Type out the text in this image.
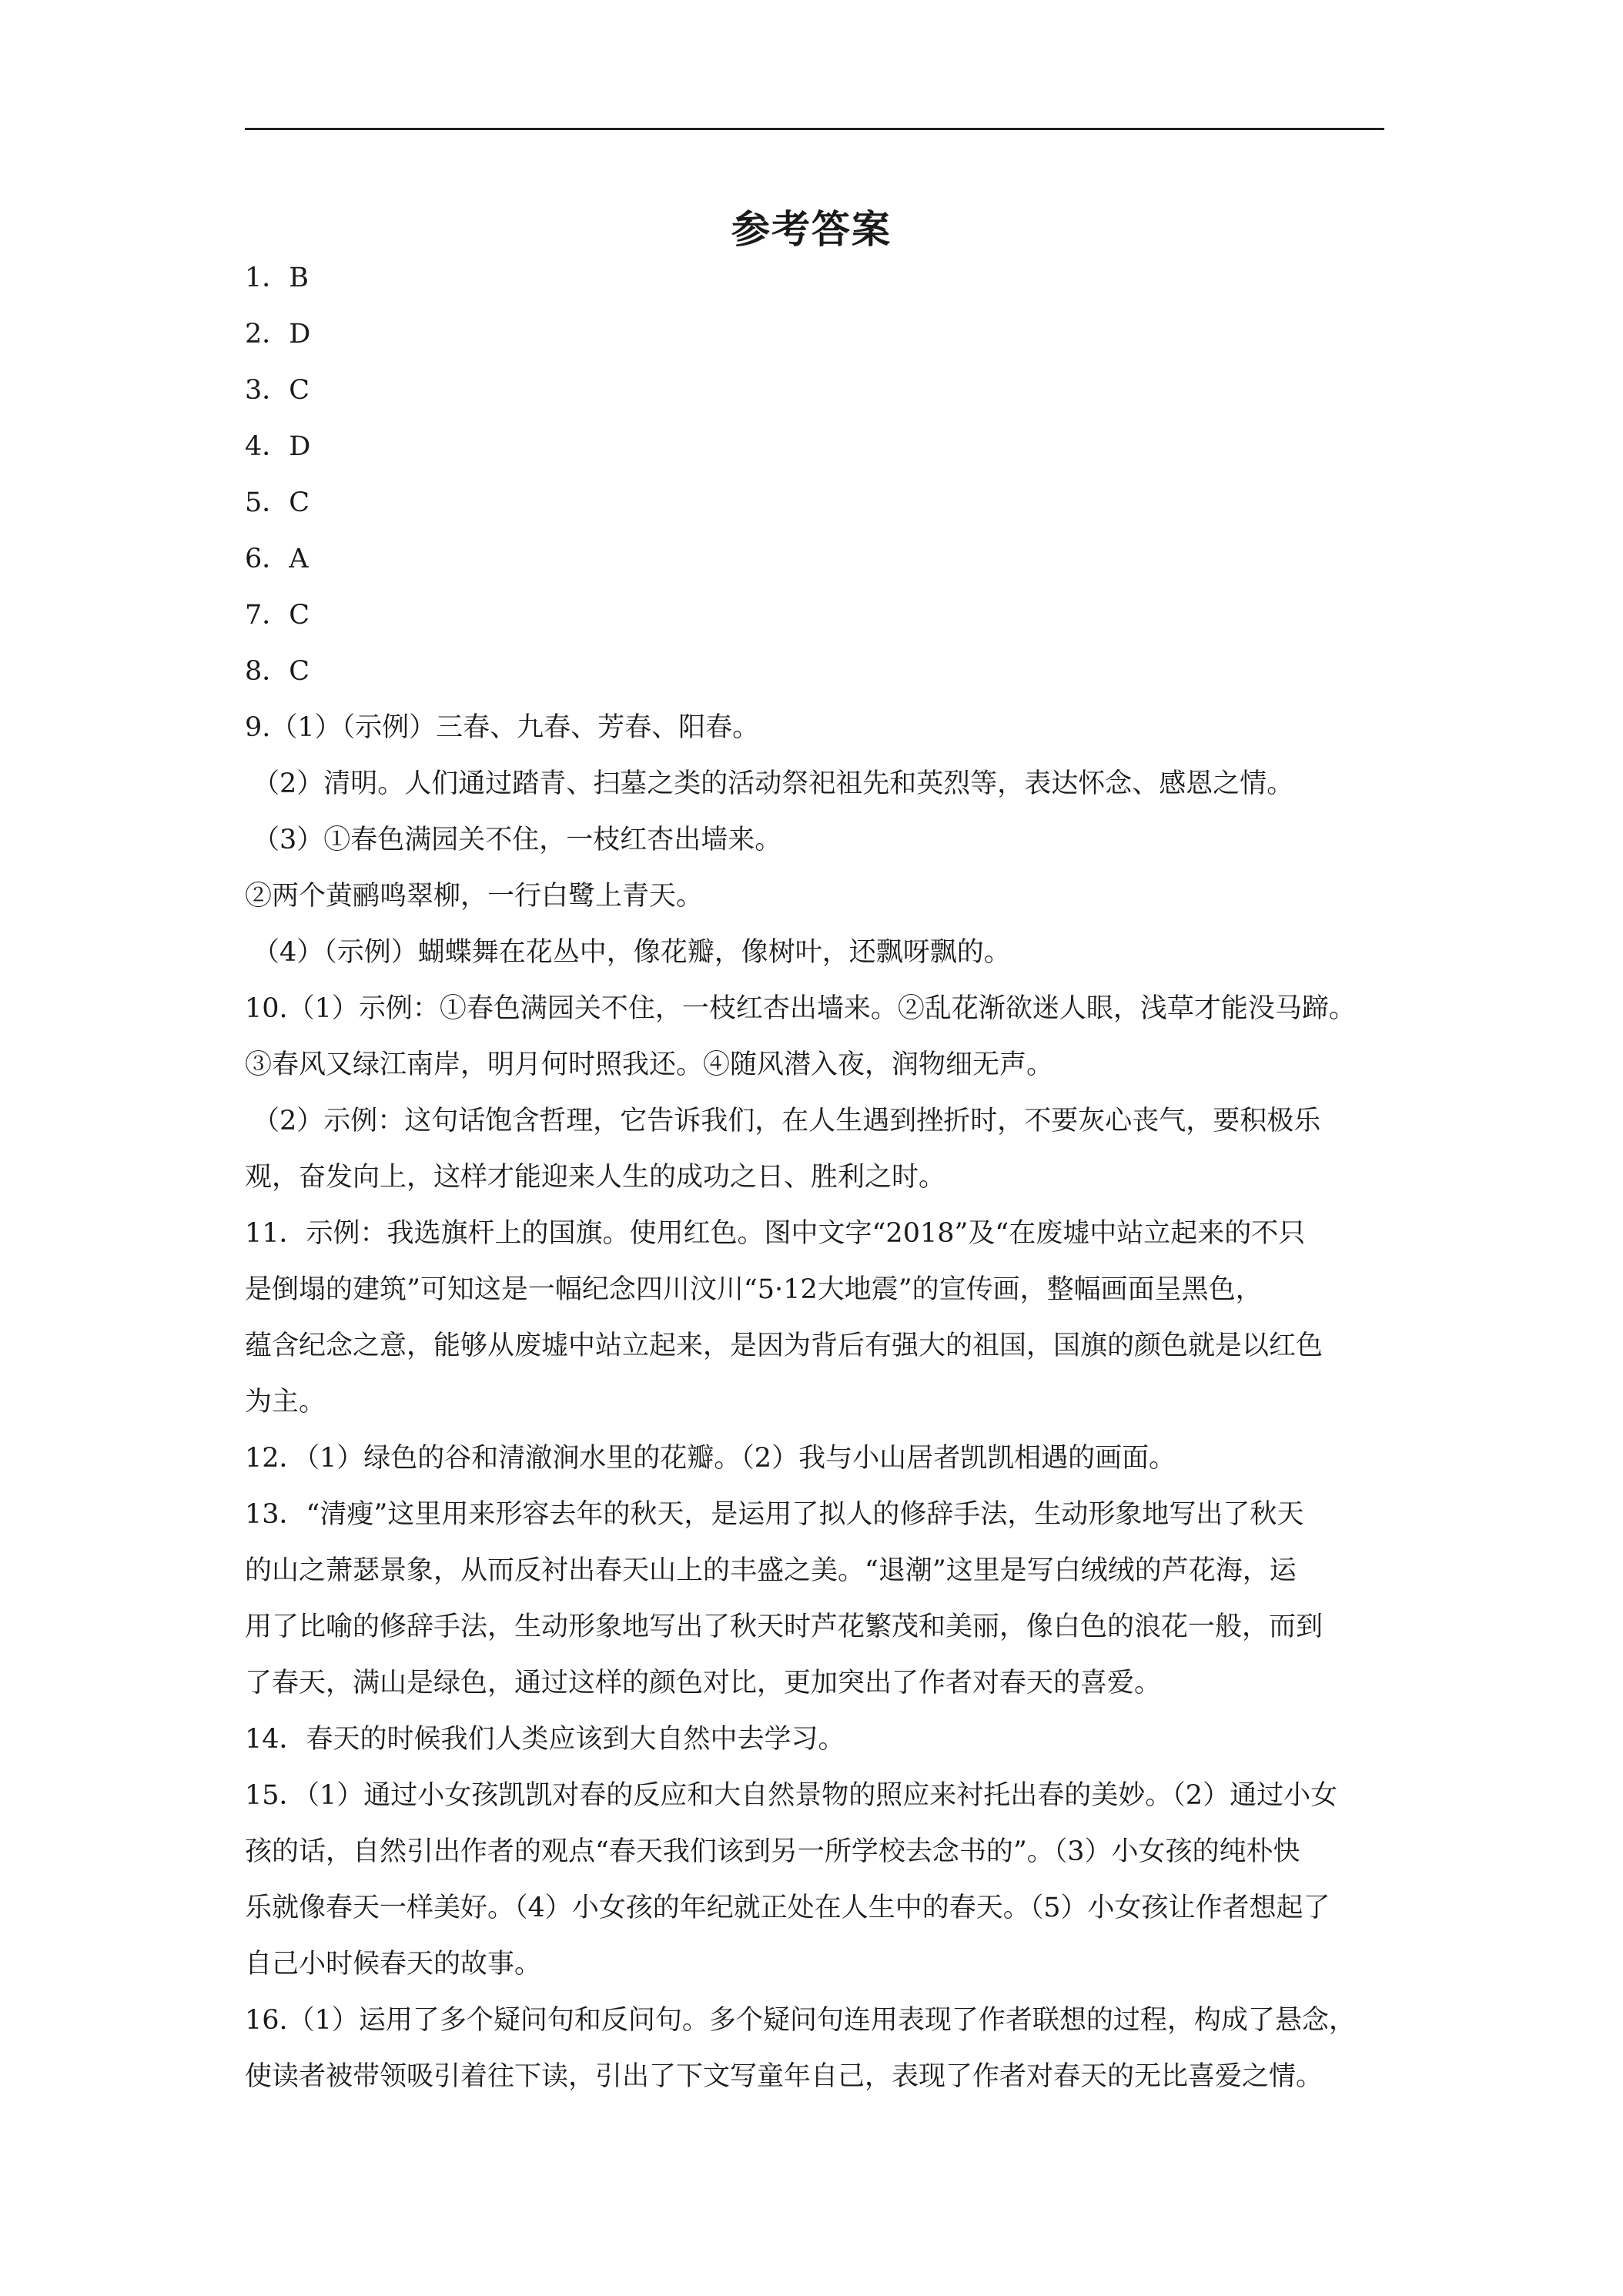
参考答案
1．B
2．D
3．C
4．D
5．C
6．A
7．C
8．C
9.（1）（示例）三春、九春、芳春、阳春。
（2）清明。人们通过踏青、扫墓之类的活动祭祀祖先和英烈等，表达怀念、感恩之情。
（3）①春色满园关不住，一枝红杏出墙来。
②两个黄鹂鸣翠柳，一行白鹭上青天。
（4）（示例）蝴蝶舞在花丛中，像花瓣，像树叶，还飘呀飘的。
10.（1）示例：①春色满园关不住，一枝红杏出墙来。②乱花渐欲迷人眼，浅草才能没马蹄。
③春风又绿江南岸，明月何时照我还。④随风潜入夜，润物细无声。
（2）示例：这句话饱含哲理，它告诉我们，在人生遇到挫折时，不要灰心丧气，要积极乐
观，奋发向上，这样才能迎来人生的成功之日、胜利之时。
11．示例：我选旗杆上的国旗。使用红色。图中文字“2018”及“在废墟中站立起来的不只
是倒塌的建筑”可知这是一幅纪念四川汶川“5·12大地震”的宣传画，整幅画面呈黑色，
蕴含纪念之意，能够从废墟中站立起来，是因为背后有强大的祖国，国旗的颜色就是以红色
为主。
12．（1）绿色的谷和清澈涧水里的花瓣。（2）我与小山居者凯凯相遇的画面。
13．“清瘦”这里用来形容去年的秋天，是运用了拟人的修辞手法，生动形象地写出了秋天
的山之萧瑟景象，从而反衬出春天山上的丰盛之美。“退潮”这里是写白绒绒的芦花海，运
用了比喻的修辞手法，生动形象地写出了秋天时芦花繁茂和美丽，像白色的浪花一般，而到
了春天，满山是绿色，通过这样的颜色对比，更加突出了作者对春天的喜爱。
14．春天的时候我们人类应该到大自然中去学习。
15．（1）通过小女孩凯凯对春的反应和大自然景物的照应来衬托出春的美妙。（2）通过小女
孩的话，自然引出作者的观点“春天我们该到另一所学校去念书的”。（3）小女孩的纯朴快
乐就像春天一样美好。（4）小女孩的年纪就正处在人生中的春天。（5）小女孩让作者想起了
自己小时候春天的故事。
16.（1）运用了多个疑问句和反问句。多个疑问句连用表现了作者联想的过程，构成了悬念，
使读者被带领吸引着往下读，引出了下文写童年自己，表现了作者对春天的无比喜爱之情。
